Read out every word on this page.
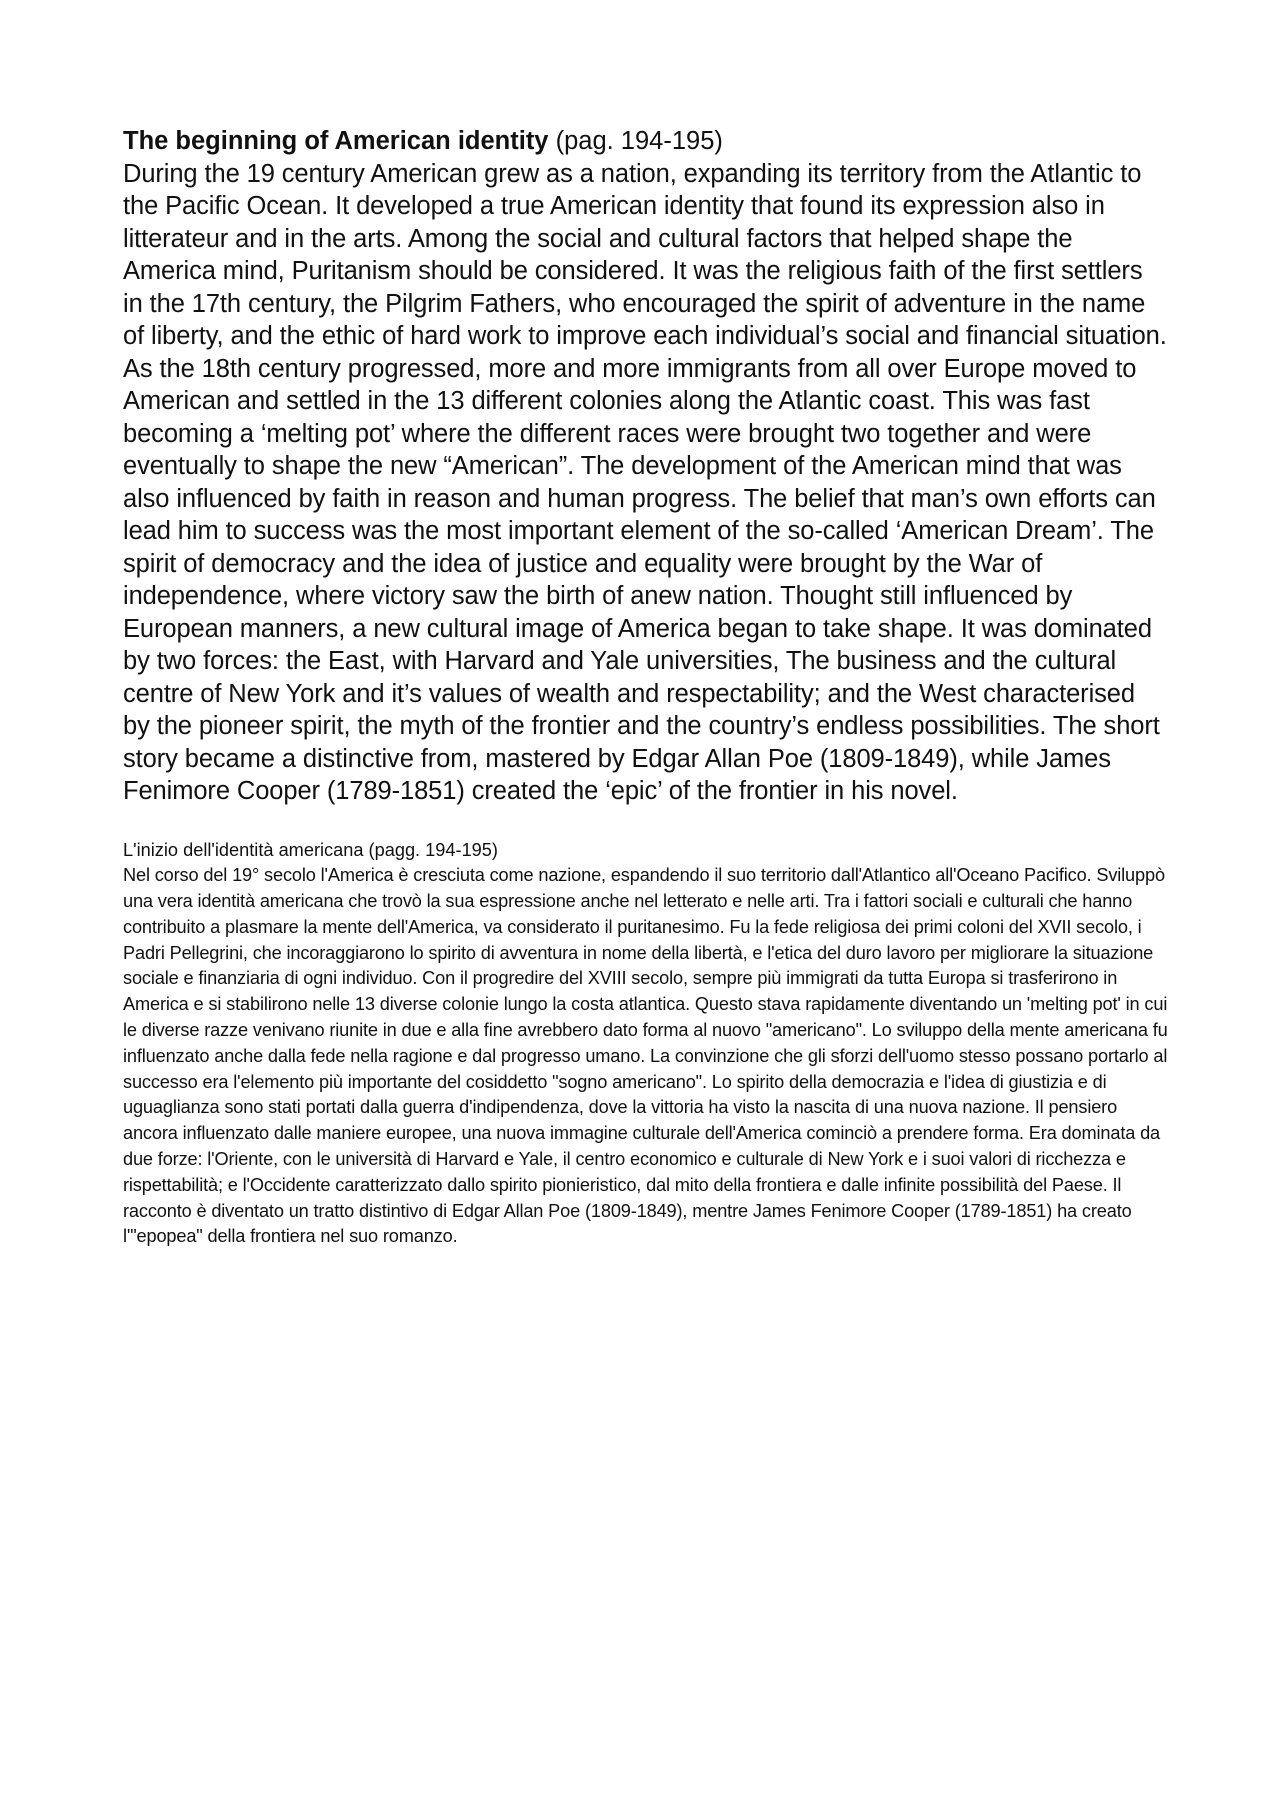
The beginning of American identity (pag. 194-195)

During the 19 century American grew as a nation, expanding its territory from the Atlantic to the Pacific Ocean. It developed a true American identity that found its expression also in litterateur and in the arts. Among the social and cultural factors that helped shape the America mind, Puritanism should be considered. It was the religious faith of the first settlers in the 17th century, the Pilgrim Fathers, who encouraged the spirit of adventure in the name of liberty, and the ethic of hard work to improve each individual’s social and financial situation. As the 18th century progressed, more and more immigrants from all over Europe moved to American and settled in the 13 different colonies along the Atlantic coast. This was fast becoming a ‘melting pot’ where the different races were brought two together and were eventually to shape the new “American”. The development of the American mind that was also influenced by faith in reason and human progress. The belief that man’s own efforts can lead him to success was the most important element of the so-called ‘American Dream’. The spirit of democracy and the idea of justice and equality were brought by the War of independence, where victory saw the birth of anew nation. Thought still influenced by European manners, a new cultural image of America began to take shape. It was dominated by two forces: the East, with Harvard and Yale universities, The business and the cultural centre of New York and it’s values of wealth and respectability; and the West characterised by the pioneer spirit, the myth of the frontier and the country’s endless possibilities. The short story became a distinctive from, mastered by Edgar Allan Poe (1809-1849), while James Fenimore Cooper (1789-1851) created the ‘epic’ of the frontier in his novel.

L'inizio dell'identità americana (pagg. 194-195)

Nel corso del 19° secolo l'America è cresciuta come nazione, espandendo il suo territorio dall'Atlantico all'Oceano Pacifico. Sviluppò una vera identità americana che trovò la sua espressione anche nel letterato e nelle arti. Tra i fattori sociali e culturali che hanno contribuito a plasmare la mente dell'America, va considerato il puritanesimo. Fu la fede religiosa dei primi coloni del XVII secolo, i Padri Pellegrini, che incoraggiarono lo spirito di avventura in nome della libertà, e l'etica del duro lavoro per migliorare la situazione sociale e finanziaria di ogni individuo. Con il progredire del XVIII secolo, sempre più immigrati da tutta Europa si trasferirono in America e si stabilirono nelle 13 diverse colonie lungo la costa atlantica. Questo stava rapidamente diventando un 'melting pot' in cui le diverse razze venivano riunite in due e alla fine avrebbero dato forma al nuovo "americano". Lo sviluppo della mente americana fu influenzato anche dalla fede nella ragione e dal progresso umano. La convinzione che gli sforzi dell'uomo stesso possano portarlo al successo era l'elemento più importante del cosiddetto "sogno americano". Lo spirito della democrazia e l'idea di giustizia e di uguaglianza sono stati portati dalla guerra d'indipendenza, dove la vittoria ha visto la nascita di una nuova nazione. Il pensiero ancora influenzato dalle maniere europee, una nuova immagine culturale dell'America cominciò a prendere forma. Era dominata da due forze: l'Oriente, con le università di Harvard e Yale, il centro economico e culturale di New York e i suoi valori di ricchezza e rispettabilità; e l'Occidente caratterizzato dallo spirito pionieristico, dal mito della frontiera e dalle infinite possibilità del Paese. Il racconto è diventato un tratto distintivo di Edgar Allan Poe (1809-1849), mentre James Fenimore Cooper (1789-1851) ha creato l'"epopea" della frontiera nel suo romanzo.
